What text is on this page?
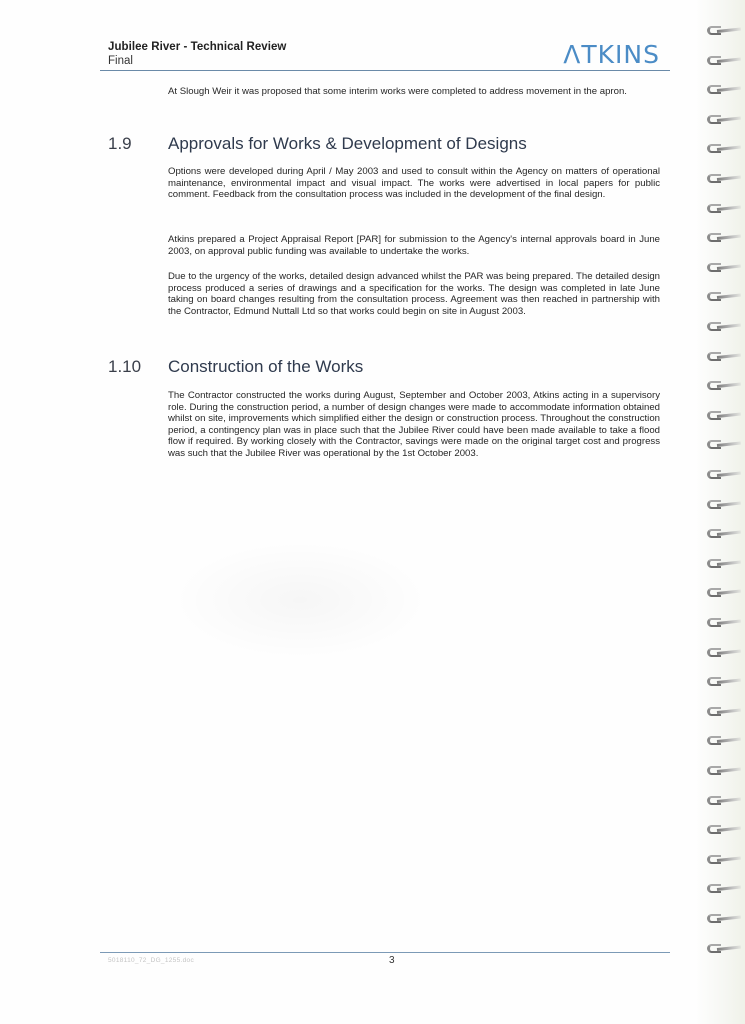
Jubilee River - Technical Review
Final	ΛTKINS
At Slough Weir it was proposed that some interim works were completed to address movement in the apron.
1.9 Approvals for Works & Development of Designs
Options were developed during April / May 2003 and used to consult within the Agency on matters of operational maintenance, environmental impact and visual impact. The works were advertised in local papers for public comment. Feedback from the consultation process was included in the development of the final design.
Atkins prepared a Project Appraisal Report [PAR] for submission to the Agency's internal approvals board in June 2003, on approval public funding was available to undertake the works.
Due to the urgency of the works, detailed design advanced whilst the PAR was being prepared. The detailed design process produced a series of drawings and a specification for the works. The design was completed in late June taking on board changes resulting from the consultation process. Agreement was then reached in partnership with the Contractor, Edmund Nuttall Ltd so that works could begin on site in August 2003.
1.10 Construction of the Works
The Contractor constructed the works during August, September and October 2003, Atkins acting in a supervisory role. During the construction period, a number of design changes were made to accommodate information obtained whilst on site, improvements which simplified either the design or construction process. Throughout the construction period, a contingency plan was in place such that the Jubilee River could have been made available to take a flood flow if required. By working closely with the Contractor, savings were made on the original target cost and progress was such that the Jubilee River was operational by the 1st October 2003.
5018110_72_DG_1255.doc	3
